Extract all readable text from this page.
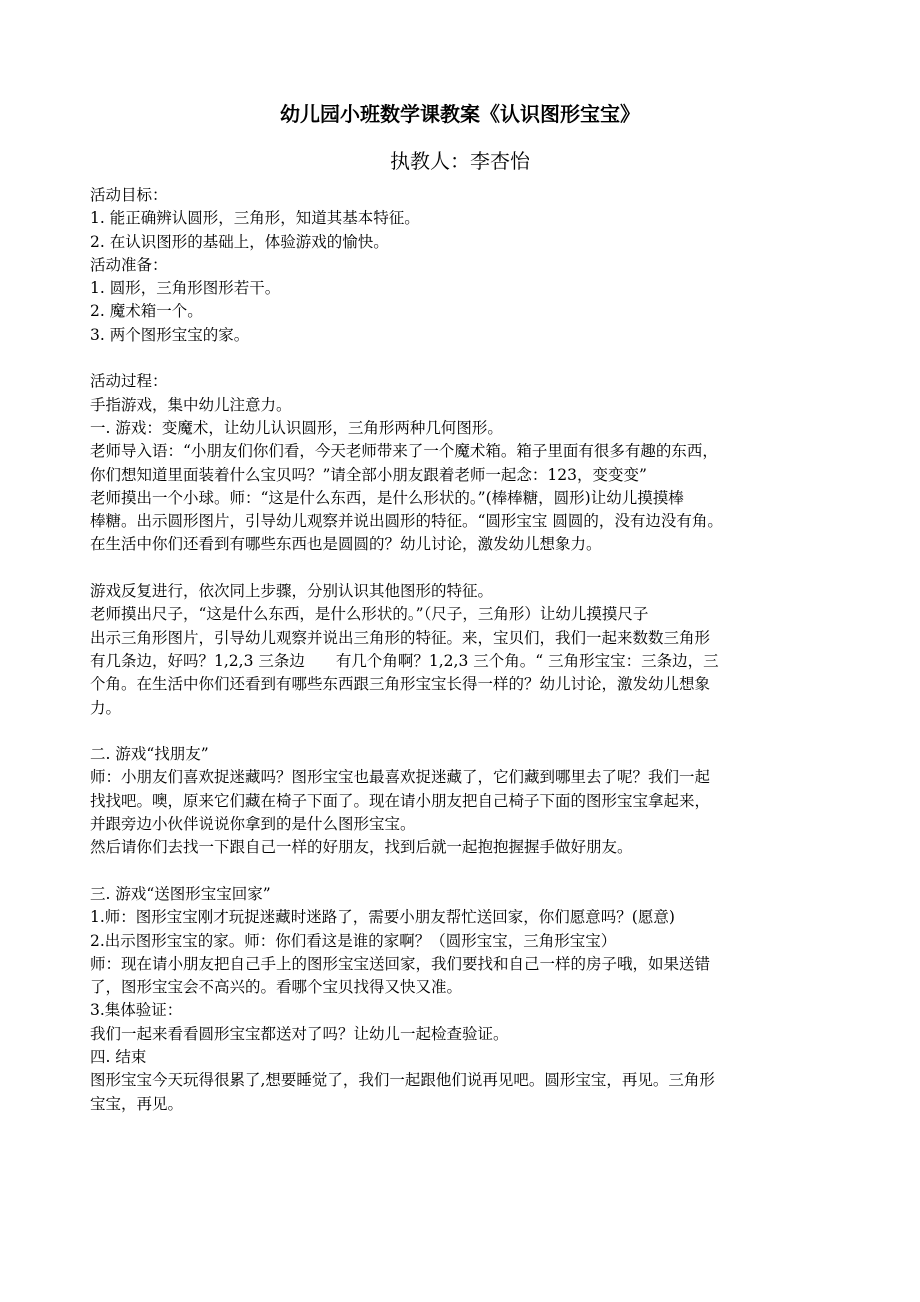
幼儿园小班数学课教案《认识图形宝宝》
执教人：李杏怡
活动目标：
1. 能正确辨认圆形，三角形，知道其基本特征。
2. 在认识图形的基础上，体验游戏的愉快。
活动准备：
1. 圆形，三角形图形若干。
2. 魔术箱一个。
3. 两个图形宝宝的家。
活动过程：
手指游戏，集中幼儿注意力。
一. 游戏：变魔术，让幼儿认识圆形，三角形两种几何图形。
老师导入语：“小朋友们你们看，今天老师带来了一个魔术箱。箱子里面有很多有趣的东西，
你们想知道里面装着什么宝贝吗？”请全部小朋友跟着老师一起念：123，变变变”
老师摸出一个小球。师：“这是什么东西，是什么形状的。”(棒棒糖，圆形)让幼儿摸摸棒
棒糖。出示圆形图片，引导幼儿观察并说出圆形的特征。“圆形宝宝 圆圆的，没有边没有角。
在生活中你们还看到有哪些东西也是圆圆的？幼儿讨论，激发幼儿想象力。
游戏反复进行，依次同上步骤，分别认识其他图形的特征。
老师摸出尺子，“这是什么东西，是什么形状的。”（尺子，三角形）让幼儿摸摸尺子
出示三角形图片，引导幼儿观察并说出三角形的特征。来，宝贝们，我们一起来数数三角形
有几条边，好吗？1,2,3 三条边　　有几个角啊？1,2,3 三个角。“ 三角形宝宝：三条边，三
个角。在生活中你们还看到有哪些东西跟三角形宝宝长得一样的？幼儿讨论，激发幼儿想象
力。
二. 游戏“找朋友”
师：小朋友们喜欢捉迷藏吗？图形宝宝也最喜欢捉迷藏了，它们藏到哪里去了呢？我们一起
找找吧。噢，原来它们藏在椅子下面了。现在请小朋友把自己椅子下面的图形宝宝拿起来，
并跟旁边小伙伴说说你拿到的是什么图形宝宝。
然后请你们去找一下跟自己一样的好朋友，找到后就一起抱抱握握手做好朋友。
三. 游戏“送图形宝宝回家”
1.师：图形宝宝刚才玩捉迷藏时迷路了，需要小朋友帮忙送回家，你们愿意吗？(愿意)
2.出示图形宝宝的家。师：你们看这是谁的家啊？（圆形宝宝，三角形宝宝）
师：现在请小朋友把自己手上的图形宝宝送回家，我们要找和自己一样的房子哦，如果送错
了，图形宝宝会不高兴的。看哪个宝贝找得又快又准。
3.集体验证：
我们一起来看看圆形宝宝都送对了吗？让幼儿一起检查验证。
四. 结束
图形宝宝今天玩得很累了,想要睡觉了，我们一起跟他们说再见吧。圆形宝宝，再见。三角形
宝宝，再见。
